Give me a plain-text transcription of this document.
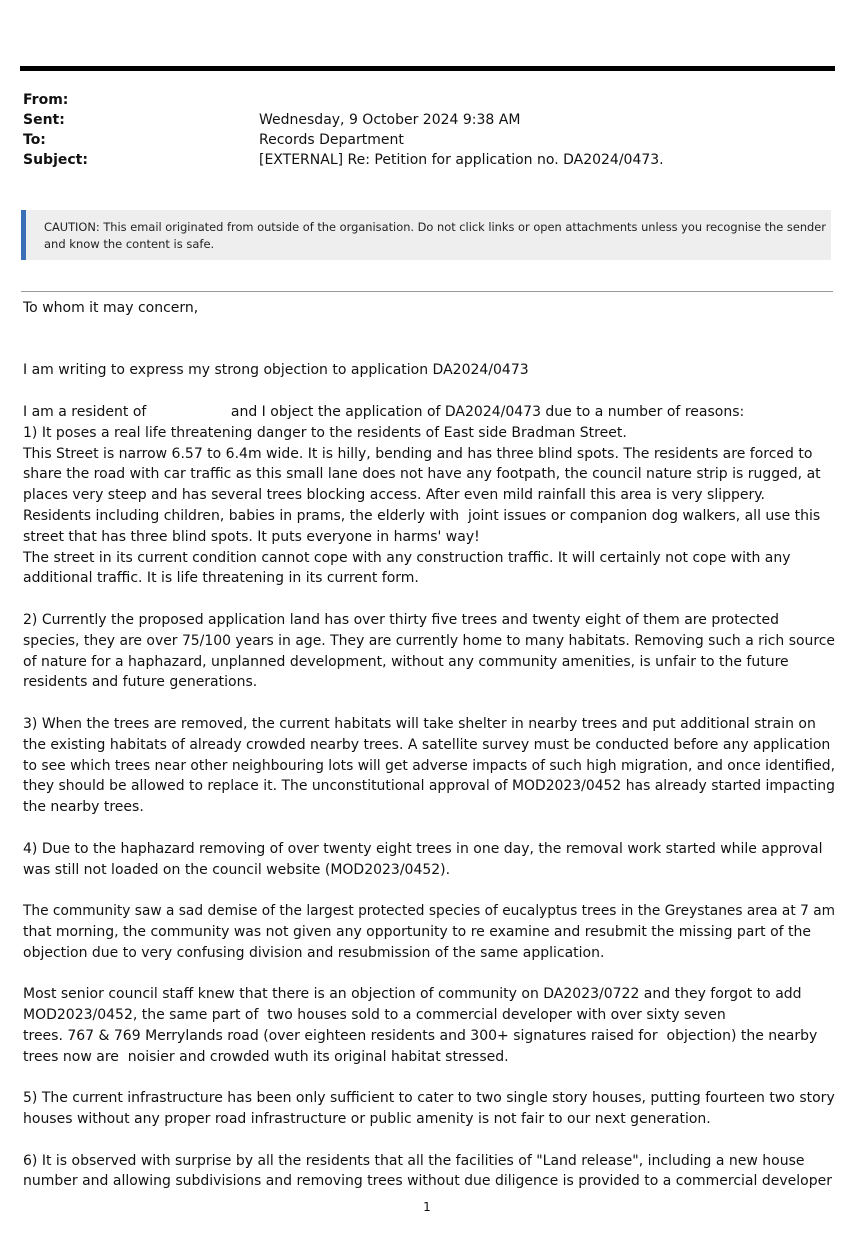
From:
Sent:	Wednesday, 9 October 2024 9:38 AM
To:	Records Department
Subject:	[EXTERNAL] Re: Petition for application no. DA2024/0473.
CAUTION: This email originated from outside of the organisation. Do not click links or open attachments unless you recognise the sender
and know the content is safe.
To whom it may concern,
I am writing to express my strong objection to application DA2024/0473
I am a resident of                   and I object the application of DA2024/0473 due to a number of reasons:
1) It poses a real life threatening danger to the residents of East side Bradman Street.
This Street is narrow 6.57 to 6.4m wide. It is hilly, bending and has three blind spots. The residents are forced to
share the road with car traffic as this small lane does not have any footpath, the council nature strip is rugged, at
places very steep and has several trees blocking access. After even mild rainfall this area is very slippery.
Residents including children, babies in prams, the elderly with  joint issues or companion dog walkers, all use this
street that has three blind spots. It puts everyone in harms' way!
The street in its current condition cannot cope with any construction traffic. It will certainly not cope with any
additional traffic. It is life threatening in its current form.
2) Currently the proposed application land has over thirty five trees and twenty eight of them are protected
species, they are over 75/100 years in age. They are currently home to many habitats. Removing such a rich source
of nature for a haphazard, unplanned development, without any community amenities, is unfair to the future
residents and future generations.
3) When the trees are removed, the current habitats will take shelter in nearby trees and put additional strain on
the existing habitats of already crowded nearby trees. A satellite survey must be conducted before any application
to see which trees near other neighbouring lots will get adverse impacts of such high migration, and once identified,
they should be allowed to replace it. The unconstitutional approval of MOD2023/0452 has already started impacting
the nearby trees.
4) Due to the haphazard removing of over twenty eight trees in one day, the removal work started while approval
was still not loaded on the council website (MOD2023/0452).
The community saw a sad demise of the largest protected species of eucalyptus trees in the Greystanes area at 7 am
that morning, the community was not given any opportunity to re examine and resubmit the missing part of the
objection due to very confusing division and resubmission of the same application.
Most senior council staff knew that there is an objection of community on DA2023/0722 and they forgot to add
MOD2023/0452, the same part of  two houses sold to a commercial developer with over sixty seven
trees. 767 & 769 Merrylands road (over eighteen residents and 300+ signatures raised for  objection) the nearby
trees now are  noisier and crowded wuth its original habitat stressed.
5) The current infrastructure has been only sufficient to cater to two single story houses, putting fourteen two story
houses without any proper road infrastructure or public amenity is not fair to our next generation.
6) It is observed with surprise by all the residents that all the facilities of "Land release", including a new house
number and allowing subdivisions and removing trees without due diligence is provided to a commercial developer
1
